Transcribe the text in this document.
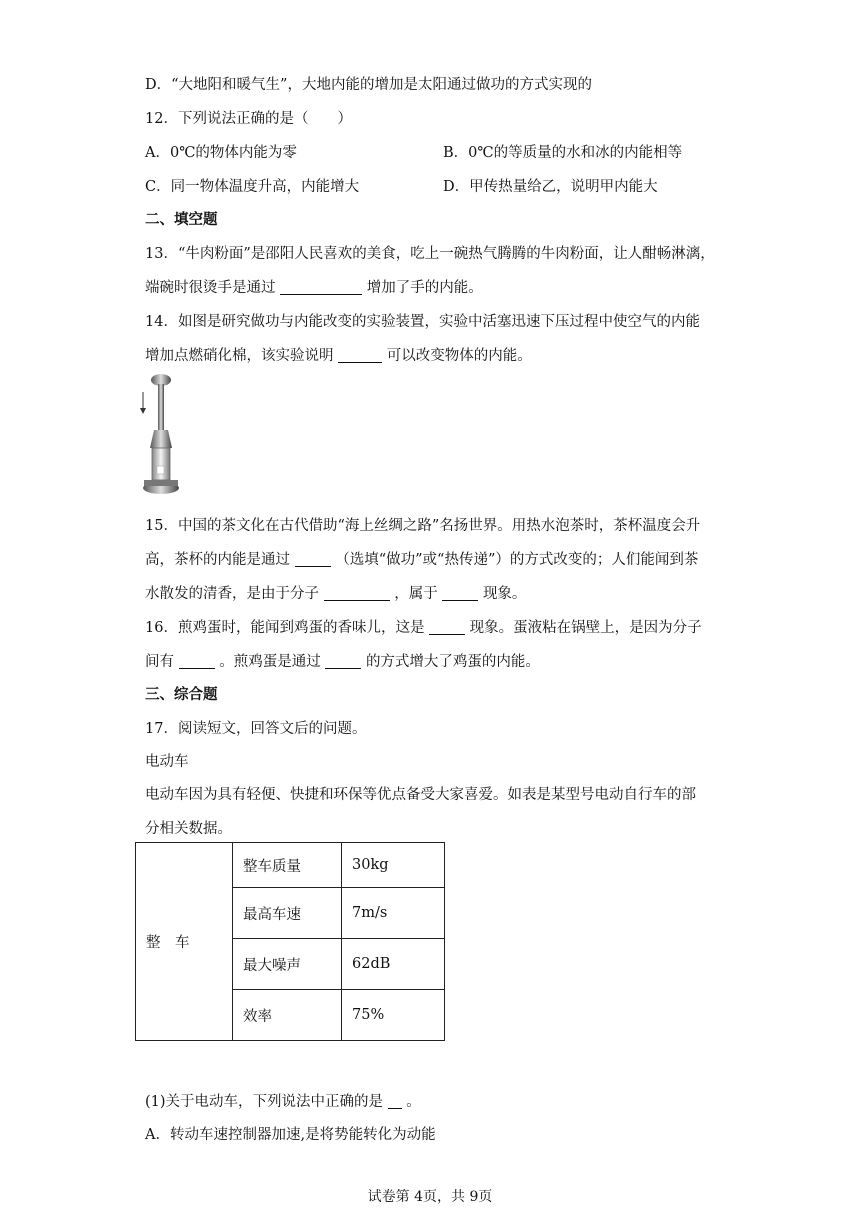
D．“大地阳和暖气生”，大地内能的增加是太阳通过做功的方式实现的
12．下列说法正确的是（　　）
A．0℃的物体内能为零	B．0℃的等质量的水和冰的内能相等
C．同一物体温度升高，内能增大	D．甲传热量给乙，说明甲内能大
二、填空题
13．“牛肉粉面”是邵阳人民喜欢的美食，吃上一碗热气腾腾的牛肉粉面，让人酣畅淋漓，
端碗时很烫手是通过	增加了手的内能。
14．如图是研究做功与内能改变的实验装置，实验中活塞迅速下压过程中使空气的内能
增加点燃硝化棉，该实验说明	可以改变物体的内能。
15．中国的茶文化在古代借助“海上丝绸之路”名扬世界。用热水泡茶时，茶杯温度会升
高，茶杯的内能是通过	（选填“做功”或“热传递”）的方式改变的；人们能闻到茶
水散发的清香，是由于分子	，属于	现象。
16．煎鸡蛋时，能闻到鸡蛋的香味儿，这是	现象。蛋液粘在锅壁上，是因为分子
间有	。煎鸡蛋是通过	的方式增大了鸡蛋的内能。
三、综合题
17．阅读短文，回答文后的问题。
电动车
电动车因为具有轻便、快捷和环保等优点备受大家喜爱。如表是某型号电动自行车的部
分相关数据。
整　车	整车质量	30kg
	最高车速	7m/s
	最大噪声	62dB
	效率	75%
(1)关于电动车，下列说法中正确的是 。
A．转动车速控制器加速,是将势能转化为动能
试卷第 4页，共 9页
